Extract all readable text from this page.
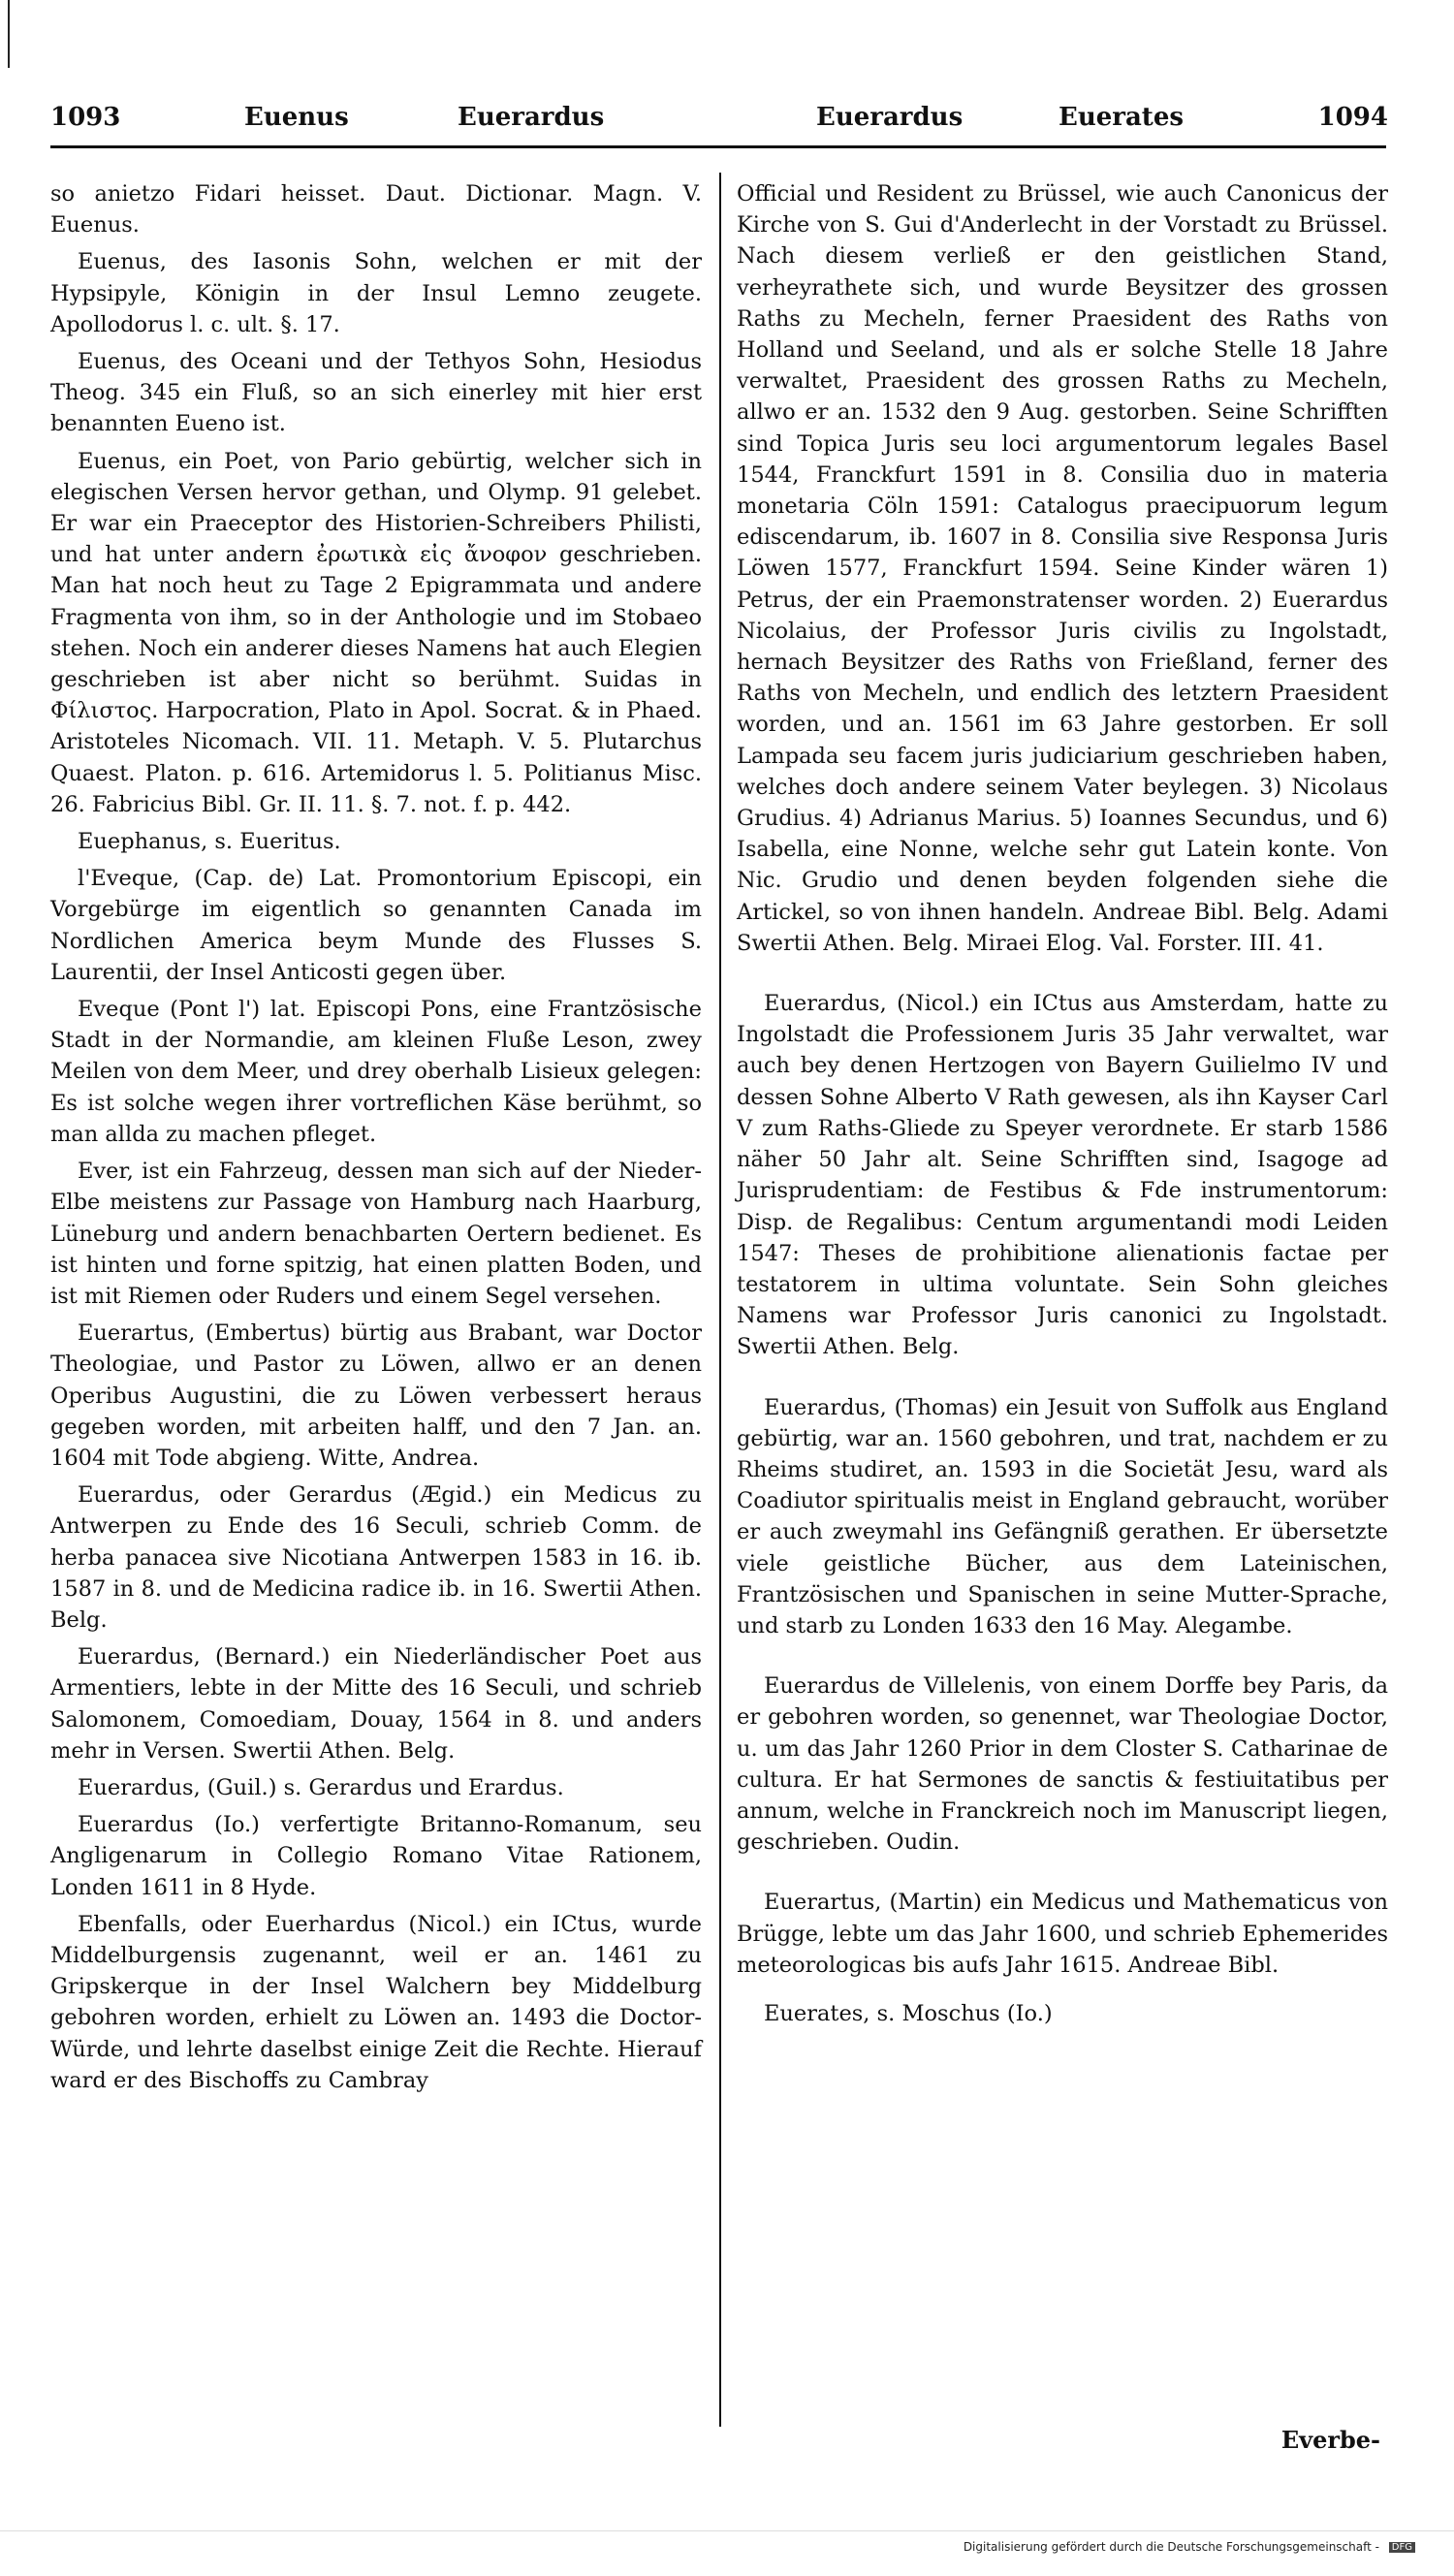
1093	Euenus	Euerardus	Euerardus	Euerates	1094

so anietzo Fidari heisset. Daut. Dictionar. Magn. V. Euenus.

Euenus, des Iasonis Sohn, welchen er mit der Hypsipyle, Königin in der Insul Lemno zeugete. Apollodorus l. c. ult. §. 17.

Euenus, des Oceani und der Tethyos Sohn, Hesiodus Theog. 345 ein Fluß, so an sich einerley mit hier erst benannten Eueno ist.

Euenus, ein Poet, von Pario gebürtig, welcher sich in elegischen Versen hervor gethan, und Olymp. 91 gelebet. Er war ein Praeceptor des Historien-Schreibers Philisti, und hat unter andern ἐρωτικὰ εἰς ἄνοφον geschrieben. Man hat noch heut zu Tage 2 Epigrammata und andere Fragmenta von ihm, so in der Anthologie und im Stobaeo stehen. Noch ein anderer dieses Namens hat auch Elegien geschrieben ist aber nicht so berühmt. Suidas in Φίλιστος. Harpocration, Plato in Apol. Socrat. & in Phaed. Aristoteles Nicomach. VII. 11. Metaph. V. 5. Plutarchus Quaest. Platon. p. 616. Artemidorus l. 5. Politianus Misc. 26. Fabricius Bibl. Gr. II. 11. §. 7. not. f. p. 442.

Euephanus, s. Eueritus.

l'Eveque, (Cap. de) Lat. Promontorium Episcopi, ein Vorgebürge im eigentlich so genannten Canada im Nordlichen America beym Munde des Flusses S. Laurentii, der Insel Anticosti gegen über.

Eveque (Pont l') lat. Episcopi Pons, eine Frantzösische Stadt in der Normandie, am kleinen Fluße Leson, zwey Meilen von dem Meer, und drey oberhalb Lisieux gelegen: Es ist solche wegen ihrer vortreflichen Käse berühmt, so man allda zu machen pfleget.

Ever, ist ein Fahrzeug, dessen man sich auf der Nieder-Elbe meistens zur Passage von Hamburg nach Haarburg, Lüneburg und andern benachbarten Oertern bedienet. Es ist hinten und forne spitzig, hat einen platten Boden, und ist mit Riemen oder Ruders und einem Segel versehen.

Euerartus, (Embertus) bürtig aus Brabant, war Doctor Theologiae, und Pastor zu Löwen, allwo er an denen Operibus Augustini, die zu Löwen verbessert heraus gegeben worden, mit arbeiten halff, und den 7 Jan. an. 1604 mit Tode abgieng. Witte, Andrea.

Euerardus, oder Gerardus (Ægid.) ein Medicus zu Antwerpen zu Ende des 16 Seculi, schrieb Comm. de herba panacea sive Nicotiana Antwerpen 1583 in 16. ib. 1587 in 8. und de Medicina radice ib. in 16. Swertii Athen. Belg.

Euerardus, (Bernard.) ein Niederländischer Poet aus Armentiers, lebte in der Mitte des 16 Seculi, und schrieb Salomonem, Comoediam, Douay, 1564 in 8. und anders mehr in Versen. Swertii Athen. Belg.

Euerardus, (Guil.) s. Gerardus und Erardus.

Euerardus (Io.) verfertigte Britanno-Romanum, seu Angligenarum in Collegio Romano Vitae Rationem, Londen 1611 in 8 Hyde.

Ebenfalls, oder Euerhardus (Nicol.) ein ICtus, wurde Middelburgensis zugenannt, weil er an. 1461 zu Gripskerque in der Insel Walchern bey Middelburg gebohren worden, erhielt zu Löwen an. 1493 die Doctor-Würde, und lehrte daselbst einige Zeit die Rechte. Hierauf ward er des Bischoffs zu Cambray

Official und Resident zu Brüssel, wie auch Canonicus der Kirche von S. Gui d'Anderlecht in der Vorstadt zu Brüssel. Nach diesem verließ er den geistlichen Stand, verheyrathete sich, und wurde Beysitzer des grossen Raths zu Mecheln, ferner Praesident des Raths von Holland und Seeland, und als er solche Stelle 18 Jahre verwaltet, Praesident des grossen Raths zu Mecheln, allwo er an. 1532 den 9 Aug. gestorben. Seine Schrifften sind Topica Juris seu loci argumentorum legales Basel 1544, Franckfurt 1591 in 8. Consilia duo in materia monetaria Cöln 1591: Catalogus praecipuorum legum ediscendarum, ib. 1607 in 8. Consilia sive Responsa Juris Löwen 1577, Franckfurt 1594. Seine Kinder wären 1) Petrus, der ein Praemonstratenser worden. 2) Euerardus Nicolaius, der Professor Juris civilis zu Ingolstadt, hernach Beysitzer des Raths von Frießland, ferner des Raths von Mecheln, und endlich des letztern Praesident worden, und an. 1561 im 63 Jahre gestorben. Er soll Lampada seu facem juris judiciarium geschrieben haben, welches doch andere seinem Vater beylegen. 3) Nicolaus Grudius. 4) Adrianus Marius. 5) Ioannes Secundus, und 6) Isabella, eine Nonne, welche sehr gut Latein konte. Von Nic. Grudio und denen beyden folgenden siehe die Artickel, so von ihnen handeln. Andreae Bibl. Belg. Adami Swertii Athen. Belg. Miraei Elog. Val. Forster. III. 41.

Euerardus, (Nicol.) ein ICtus aus Amsterdam, hatte zu Ingolstadt die Professionem Juris 35 Jahr verwaltet, war auch bey denen Hertzogen von Bayern Guilielmo IV und dessen Sohne Alberto V Rath gewesen, als ihn Kayser Carl V zum Raths-Gliede zu Speyer verordnete. Er starb 1586 näher 50 Jahr alt. Seine Schrifften sind, Isagoge ad Jurisprudentiam: de Festibus & Fde instrumentorum: Disp. de Regalibus: Centum argumentandi modi Leiden 1547: Theses de prohibitione alienationis factae per testatorem in ultima voluntate. Sein Sohn gleiches Namens war Professor Juris canonici zu Ingolstadt. Swertii Athen. Belg.

Euerardus, (Thomas) ein Jesuit von Suffolk aus England gebürtig, war an. 1560 gebohren, und trat, nachdem er zu Rheims studiret, an. 1593 in die Societät Jesu, ward als Coadiutor spiritualis meist in England gebraucht, worüber er auch zweymahl ins Gefängniß gerathen. Er übersetzte viele geistliche Bücher, aus dem Lateinischen, Frantzösischen und Spanischen in seine Mutter-Sprache, und starb zu Londen 1633 den 16 May. Alegambe.

Euerardus de Villelenis, von einem Dorffe bey Paris, da er gebohren worden, so genennet, war Theologiae Doctor, u. um das Jahr 1260 Prior in dem Closter S. Catharinae de cultura. Er hat Sermones de sanctis & festiuitatibus per annum, welche in Franckreich noch im Manuscript liegen, geschrieben. Oudin.

Euerartus, (Martin) ein Medicus und Mathematicus von Brügge, lebte um das Jahr 1600, und schrieb Ephemerides meteorologicas bis aufs Jahr 1615. Andreae Bibl.

Euerates, s. Moschus (Io.)

Everbe-
Digitalisierung gefördert durch die Deutsche Forschungsgemeinschaft - DFG
